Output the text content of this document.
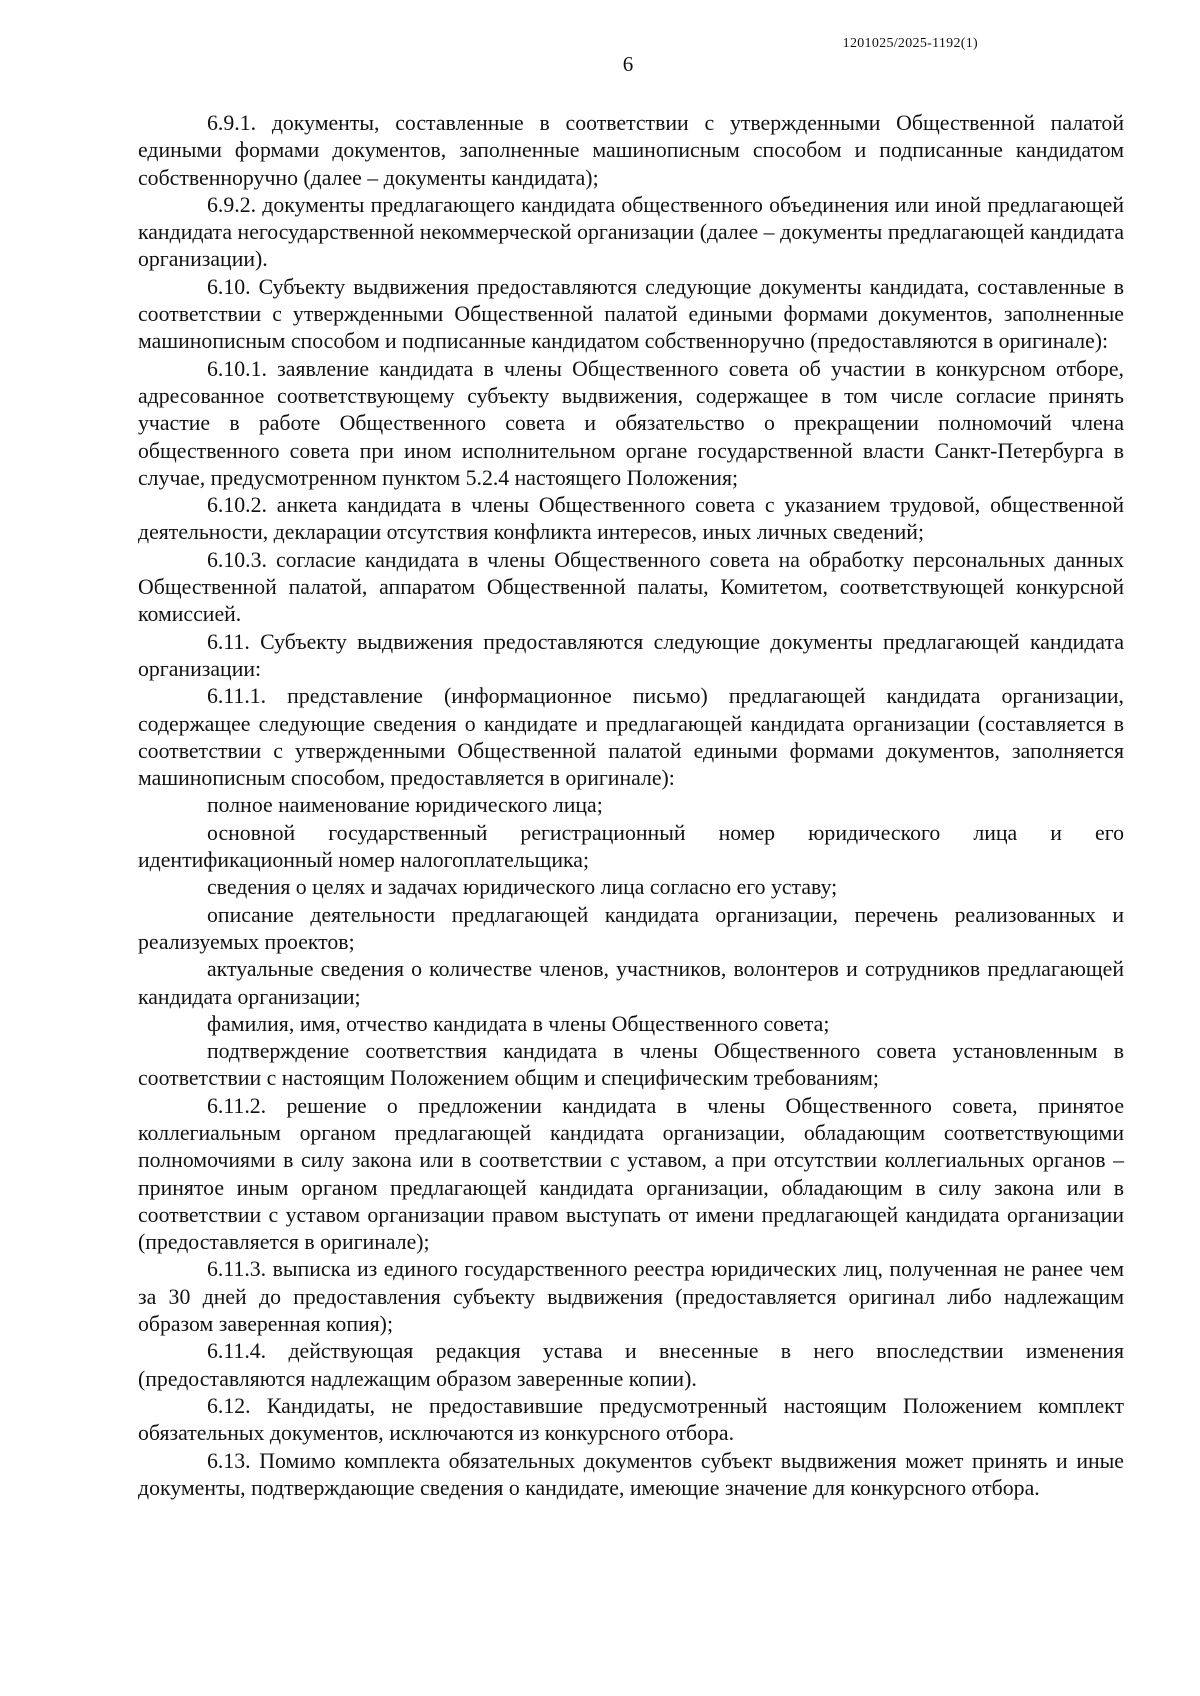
1201025/2025-1192(1)
6

6.9.1. документы, составленные в соответствии с утвержденными Общественной палатой едиными формами документов, заполненные машинописным способом и подписанные кандидатом собственноручно (далее – документы кандидата);

6.9.2. документы предлагающего кандидата общественного объединения или иной предлагающей кандидата негосударственной некоммерческой организации (далее – документы предлагающей кандидата организации).

6.10. Субъекту выдвижения предоставляются следующие документы кандидата, составленные в соответствии с утвержденными Общественной палатой едиными формами документов, заполненные машинописным способом и подписанные кандидатом собственноручно (предоставляются в оригинале):

6.10.1. заявление кандидата в члены Общественного совета об участии в конкурсном отборе, адресованное соответствующему субъекту выдвижения, содержащее в том числе согласие принять участие в работе Общественного совета и обязательство о прекращении полномочий члена общественного совета при ином исполнительном органе государственной власти Санкт-Петербурга в случае, предусмотренном пунктом 5.2.4 настоящего Положения;

6.10.2. анкета кандидата в члены Общественного совета с указанием трудовой, общественной деятельности, декларации отсутствия конфликта интересов, иных личных сведений;

6.10.3. согласие кандидата в члены Общественного совета на обработку персональных данных Общественной палатой, аппаратом Общественной палаты, Комитетом, соответствующей конкурсной комиссией.

6.11. Субъекту выдвижения предоставляются следующие документы предлагающей кандидата организации:

6.11.1. представление (информационное письмо) предлагающей кандидата организации, содержащее следующие сведения о кандидате и предлагающей кандидата организации (составляется в соответствии с утвержденными Общественной палатой едиными формами документов, заполняется машинописным способом, предоставляется в оригинале):

полное наименование юридического лица;

основной государственный регистрационный номер юридического лица и его идентификационный номер налогоплательщика;

сведения о целях и задачах юридического лица согласно его уставу;

описание деятельности предлагающей кандидата организации, перечень реализованных и реализуемых проектов;

актуальные сведения о количестве членов, участников, волонтеров и сотрудников предлагающей кандидата организации;

фамилия, имя, отчество кандидата в члены Общественного совета;

подтверждение соответствия кандидата в члены Общественного совета установленным в соответствии с настоящим Положением общим и специфическим требованиям;

6.11.2. решение о предложении кандидата в члены Общественного совета, принятое коллегиальным органом предлагающей кандидата организации, обладающим соответствующими полномочиями в силу закона или в соответствии с уставом, а при отсутствии коллегиальных органов – принятое иным органом предлагающей кандидата организации, обладающим в силу закона или в соответствии с уставом организации правом выступать от имени предлагающей кандидата организации (предоставляется в оригинале);

6.11.3. выписка из единого государственного реестра юридических лиц, полученная не ранее чем за 30 дней до предоставления субъекту выдвижения (предоставляется оригинал либо надлежащим образом заверенная копия);

6.11.4. действующая редакция устава и внесенные в него впоследствии изменения (предоставляются надлежащим образом заверенные копии).

6.12. Кандидаты, не предоставившие предусмотренный настоящим Положением комплект обязательных документов, исключаются из конкурсного отбора.

6.13. Помимо комплекта обязательных документов субъект выдвижения может принять и иные документы, подтверждающие сведения о кандидате, имеющие значение для конкурсного отбора.
